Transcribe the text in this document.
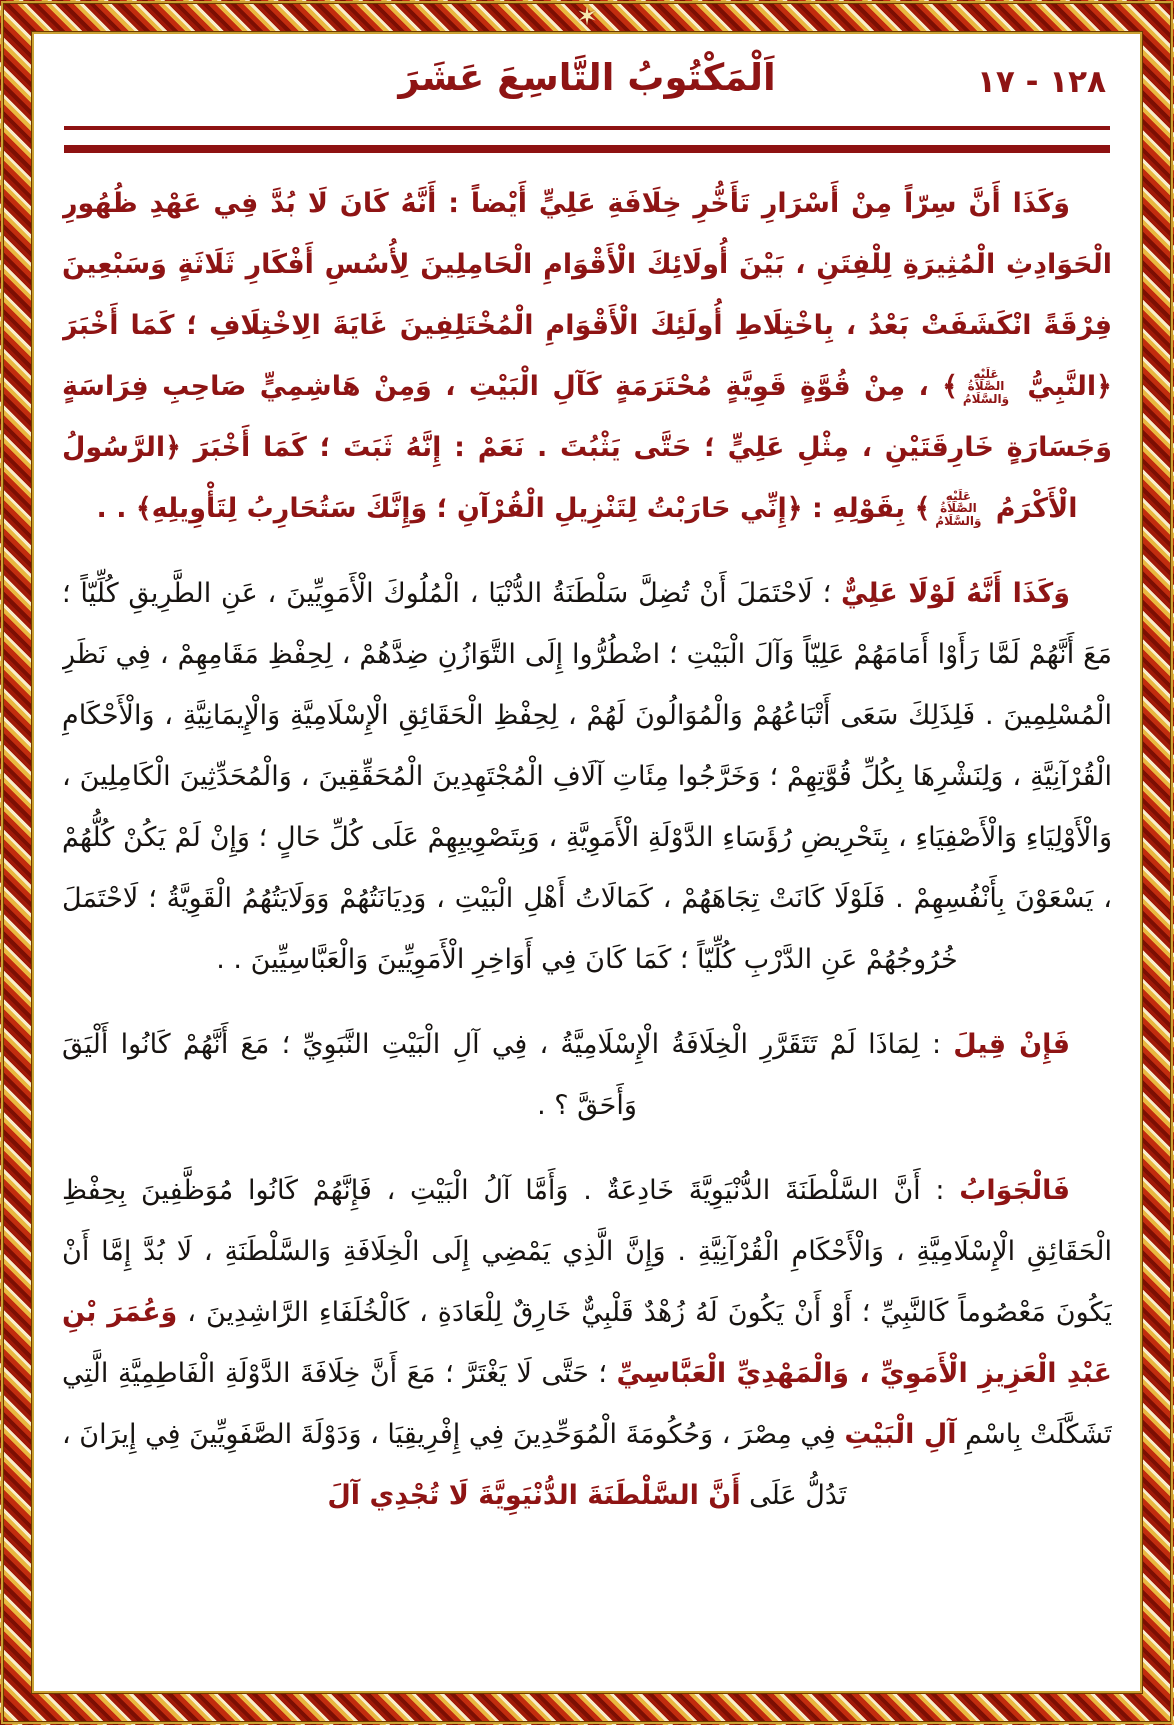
✶
١٢٨ - ١٧
اَلْمَكْتُوبُ التَّاسِعَ عَشَرَ

وَكَذَا أَنَّ سِرّاً مِنْ أَسْرَارِ تَأَخُّرِ خِلَافَةِ عَلِيٍّ أَيْضاً : أَنَّهُ كَانَ لَا بُدَّ فِي عَهْدِ ظُهُورِ الْحَوَادِثِ الْمُثِيرَةِ لِلْفِتَنِ ، بَيْنَ أُولَائِكَ الْأَقْوَامِ الْحَامِلِينَ لِأُسُسِ أَفْكَارِ ثَلَاثَةٍ وَسَبْعِينَ فِرْقَةً انْكَشَفَتْ بَعْدُ ، بِاخْتِلَاطِ أُولَئِكَ الْأَقْوَامِ الْمُخْتَلِفِينَ غَايَةَ الِاخْتِلَافِ ؛ كَمَا أَخْبَرَ ﴿النَّبِيُّ عَلَيْهِ الصَّلَاةُ وَالسَّلَامُ﴾ ، مِنْ قُوَّةٍ قَوِيَّةٍ مُحْتَرَمَةٍ كَآلِ الْبَيْتِ ، وَمِنْ هَاشِمِيٍّ صَاحِبِ فِرَاسَةٍ وَجَسَارَةٍ خَارِقَتَيْنِ ، مِثْلِ عَلِيٍّ ؛ حَتَّى يَثْبُتَ . نَعَمْ : إِنَّهُ ثَبَتَ ؛ كَمَا أَخْبَرَ ﴿الرَّسُولُ الْأَكْرَمُ عَلَيْهِ الصَّلَاةُ وَالسَّلَامُ﴾ بِقَوْلِهِ : ﴿إِنِّي حَارَبْتُ لِتَنْزِيلِ الْقُرْآنِ ؛ وَإِنَّكَ سَتُحَارِبُ لِتَأْوِيلِهِ﴾ . .

وَكَذَا أَنَّهُ لَوْلَا عَلِيٌّ ؛ لَاحْتَمَلَ أَنْ تُضِلَّ سَلْطَنَةُ الدُّنْيَا ، الْمُلُوكَ الْأَمَوِيِّينَ ، عَنِ الطَّرِيقِ كُلِّيّاً ؛ مَعَ أَنَّهُمْ لَمَّا رَأَوْا أَمَامَهُمْ عَلِيّاً وَآلَ الْبَيْتِ ؛ اضْطُرُّوا إِلَى التَّوَازُنِ ضِدَّهُمْ ، لِحِفْظِ مَقَامِهِمْ ، فِي نَظَرِ الْمُسْلِمِينَ . فَلِذَلِكَ سَعَى أَتْبَاعُهُمْ وَالْمُوَالُونَ لَهُمْ ، لِحِفْظِ الْحَقَائِقِ الْإِسْلَامِيَّةِ وَالْإِيمَانِيَّةِ ، وَالْأَحْكَامِ الْقُرْآنِيَّةِ ، وَلِنَشْرِهَا بِكُلِّ قُوَّتِهِمْ ؛ وَخَرَّجُوا مِئَاتِ آلَافِ الْمُجْتَهِدِينَ الْمُحَقِّقِينَ ، وَالْمُحَدِّثِينَ الْكَامِلِينَ ، وَالْأَوْلِيَاءِ وَالْأَصْفِيَاءِ ، بِتَحْرِيضِ رُؤَسَاءِ الدَّوْلَةِ الْأَمَوِيَّةِ ، وَبِتَصْوِيبِهِمْ عَلَى كُلِّ حَالٍ ؛ وَإِنْ لَمْ يَكُنْ كُلُّهُمْ ، يَسْعَوْنَ بِأَنْفُسِهِمْ . فَلَوْلَا كَانَتْ تِجَاهَهُمْ ، كَمَالَاتُ أَهْلِ الْبَيْتِ ، وَدِيَانَتُهُمْ وَوَلَايَتُهُمُ الْقَوِيَّةُ ؛ لَاحْتَمَلَ خُرُوجُهُمْ عَنِ الدَّرْبِ كُلِّيّاً ؛ كَمَا كَانَ فِي أَوَاخِرِ الْأَمَوِيِّينَ وَالْعَبَّاسِيِّينَ . .

فَإِنْ قِيلَ : لِمَاذَا لَمْ تَتَقَرَّرِ الْخِلَافَةُ الْإِسْلَامِيَّةُ ، فِي آلِ الْبَيْتِ النَّبَوِيِّ ؛ مَعَ أَنَّهُمْ كَانُوا أَلْيَقَ وَأَحَقَّ ؟ .

فَالْجَوَابُ : أَنَّ السَّلْطَنَةَ الدُّنْيَوِيَّةَ خَادِعَةٌ . وَأَمَّا آلُ الْبَيْتِ ، فَإِنَّهُمْ كَانُوا مُوَظَّفِينَ بِحِفْظِ الْحَقَائِقِ الْإِسْلَامِيَّةِ ، وَالْأَحْكَامِ الْقُرْآنِيَّةِ . وَإِنَّ الَّذِي يَمْضِي إِلَى الْخِلَافَةِ وَالسَّلْطَنَةِ ، لَا بُدَّ إِمَّا أَنْ يَكُونَ مَعْصُوماً كَالنَّبِيِّ ؛ أَوْ أَنْ يَكُونَ لَهُ زُهْدٌ قَلْبِيٌّ خَارِقٌ لِلْعَادَةِ ، كَالْخُلَفَاءِ الرَّاشِدِينَ ، وَعُمَرَ بْنِ عَبْدِ الْعَزِيزِ الْأَمَوِيِّ ، وَالْمَهْدِيِّ الْعَبَّاسِيِّ ؛ حَتَّى لَا يَغْتَرَّ ؛ مَعَ أَنَّ خِلَافَةَ الدَّوْلَةِ الْفَاطِمِيَّةِ الَّتِي تَشَكَّلَتْ بِاسْمِ آلِ الْبَيْتِ فِي مِصْرَ ، وَحُكُومَةَ الْمُوَحِّدِينَ فِي إِفْرِيقِيَا ، وَدَوْلَةَ الصَّفَوِيِّينَ فِي إِيرَانَ ، تَدُلُّ عَلَى أَنَّ السَّلْطَنَةَ الدُّنْيَوِيَّةَ لَا تُجْدِي آلَ
